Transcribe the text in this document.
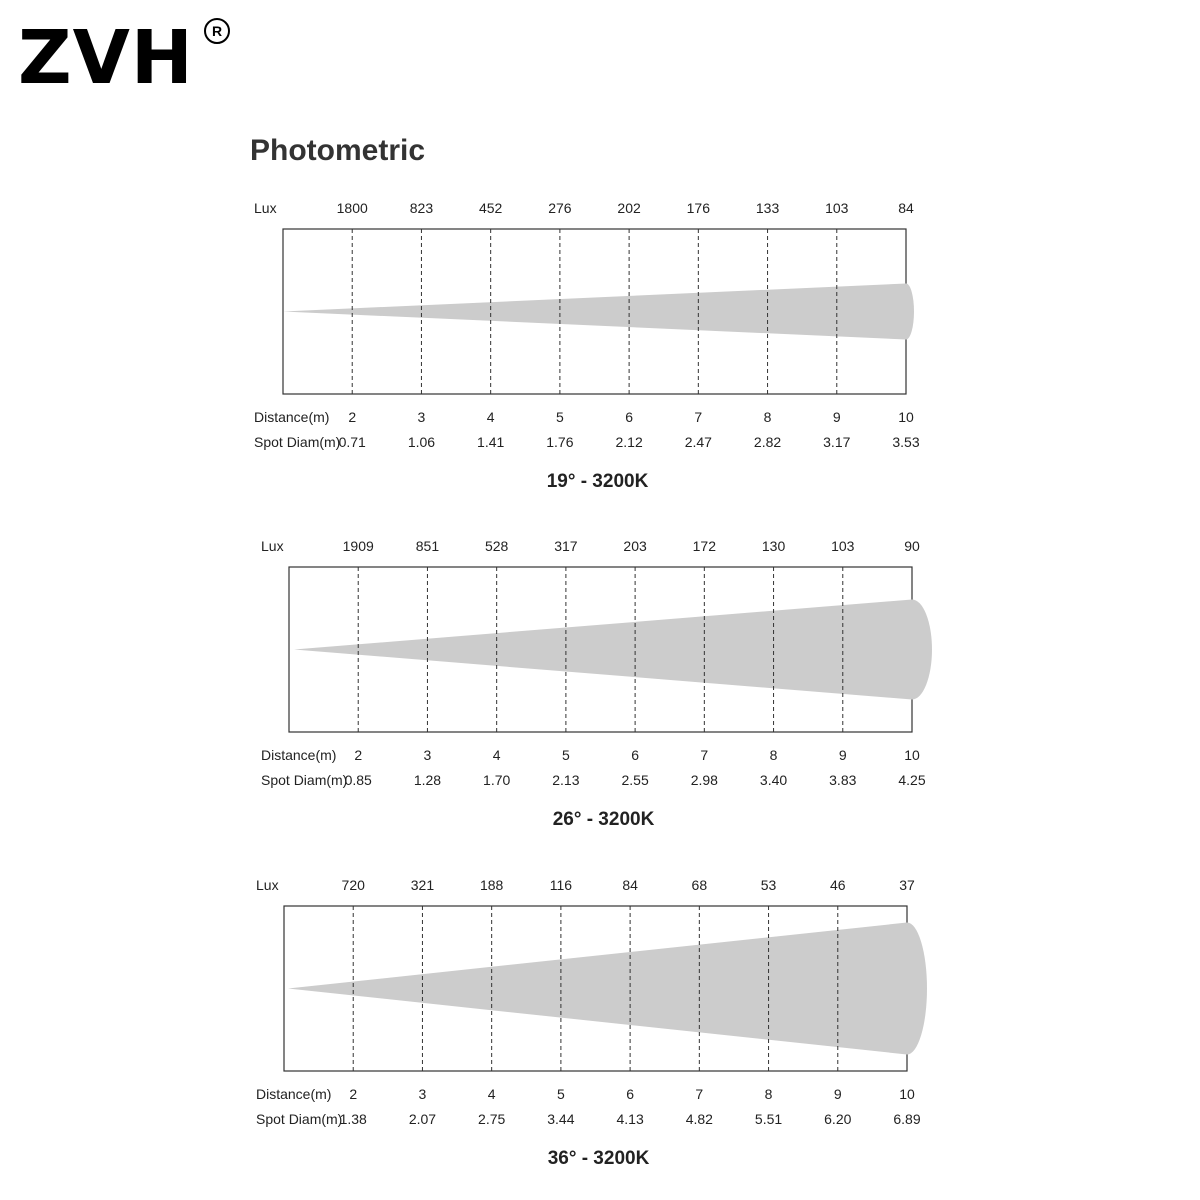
ZVH	R
Photometric
Lux
Distance(m)
Spot Diam(m)
1800
2
0.71
823
3
1.06
452
4
1.41
276
5
1.76
202
6
2.12
176
7
2.47
133
8
2.82
103
9
3.17
84
10
3.53
19° - 3200K
Lux
Distance(m)
Spot Diam(m)
1909
2
0.85
851
3
1.28
528
4
1.70
317
5
2.13
203
6
2.55
172
7
2.98
130
8
3.40
103
9
3.83
90
10
4.25
26° - 3200K
Lux
Distance(m)
Spot Diam(m)
720
2
1.38
321
3
2.07
188
4
2.75
116
5
3.44
84
6
4.13
68
7
4.82
53
8
5.51
46
9
6.20
37
10
6.89
36° - 3200K
